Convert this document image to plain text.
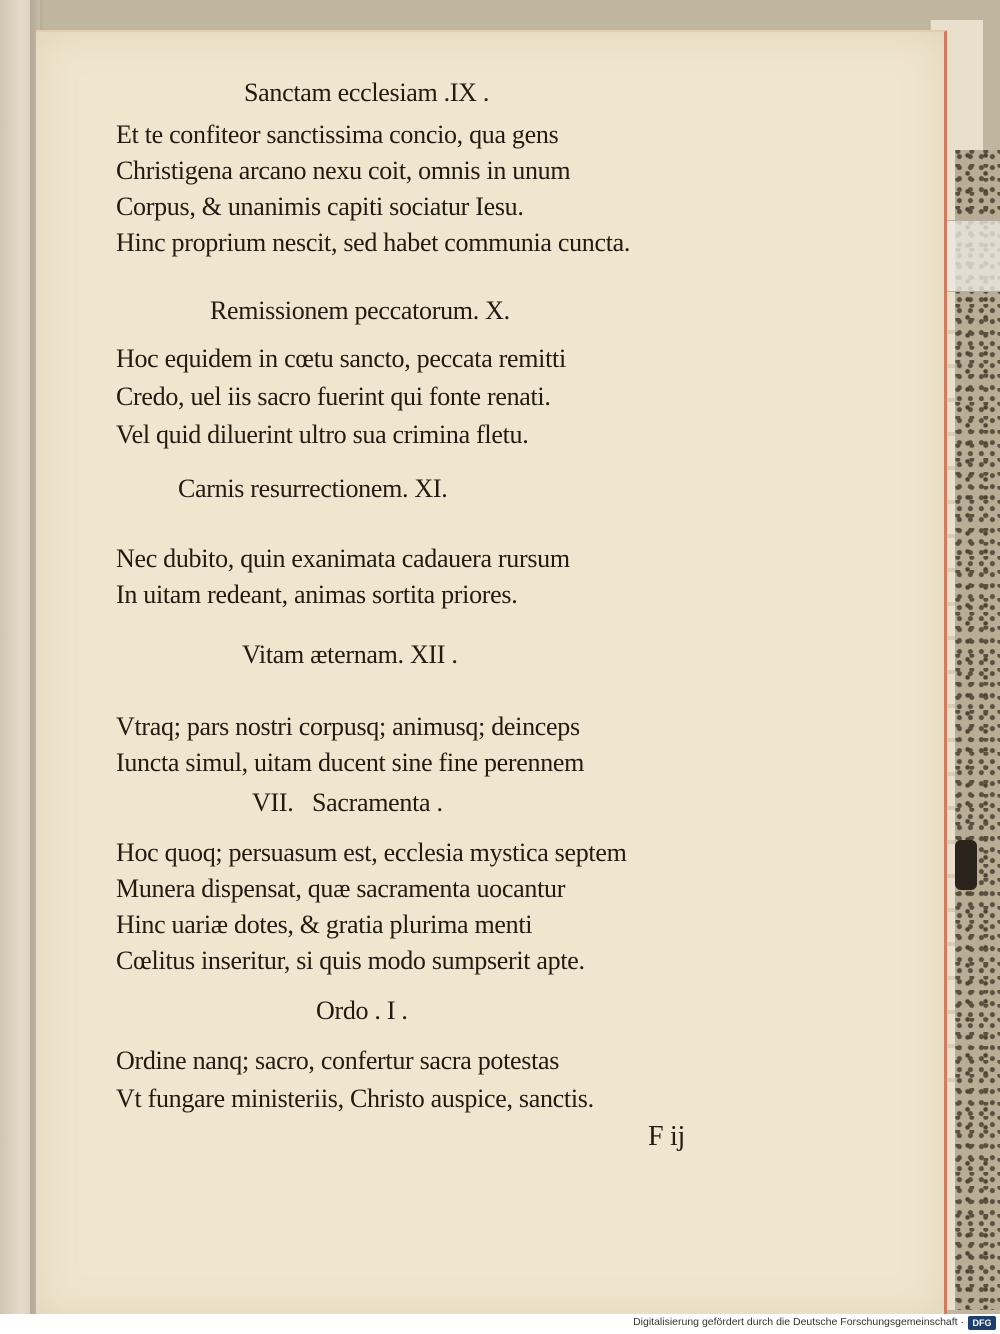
Sanctam ecclesiam .IX .
Et te confiteor sanctissima concio, qua gens
Christigena arcano nexu coit, omnis in unum
Corpus, & unanimis capiti sociatur Iesu.
Hinc proprium nescit, sed habet communia cuncta.
Remissionem peccatorum. X.
Hoc equidem in cœtu sancto, peccata remitti
Credo, uel iis sacro fuerint qui fonte renati.
Vel quid diluerint ultro sua crimina fletu.
Carnis resurrectionem. XI.
Nec dubito, quin exanimata cadauera rursum
In uitam redeant, animas sortita priores.
Vitam æternam. XII .
Vtraq; pars nostri corpusq; animusq; deinceps
Iuncta simul, uitam ducent sine fine perennem
VII.   Sacramenta .
Hoc quoq; persuasum est, ecclesia mystica septem
Munera dispensat, quæ sacramenta uocantur
Hinc uariæ dotes, & gratia plurima menti
Cœlitus inseritur, si quis modo sumpserit apte.
Ordo . I .
Ordine nanq; sacro, confertur sacra potestas
Vt fungare ministeriis, Christo auspice, sanctis.
F ij
Digitalisierung gefördert durch die Deutsche Forschungsgemeinschaft · DFG
